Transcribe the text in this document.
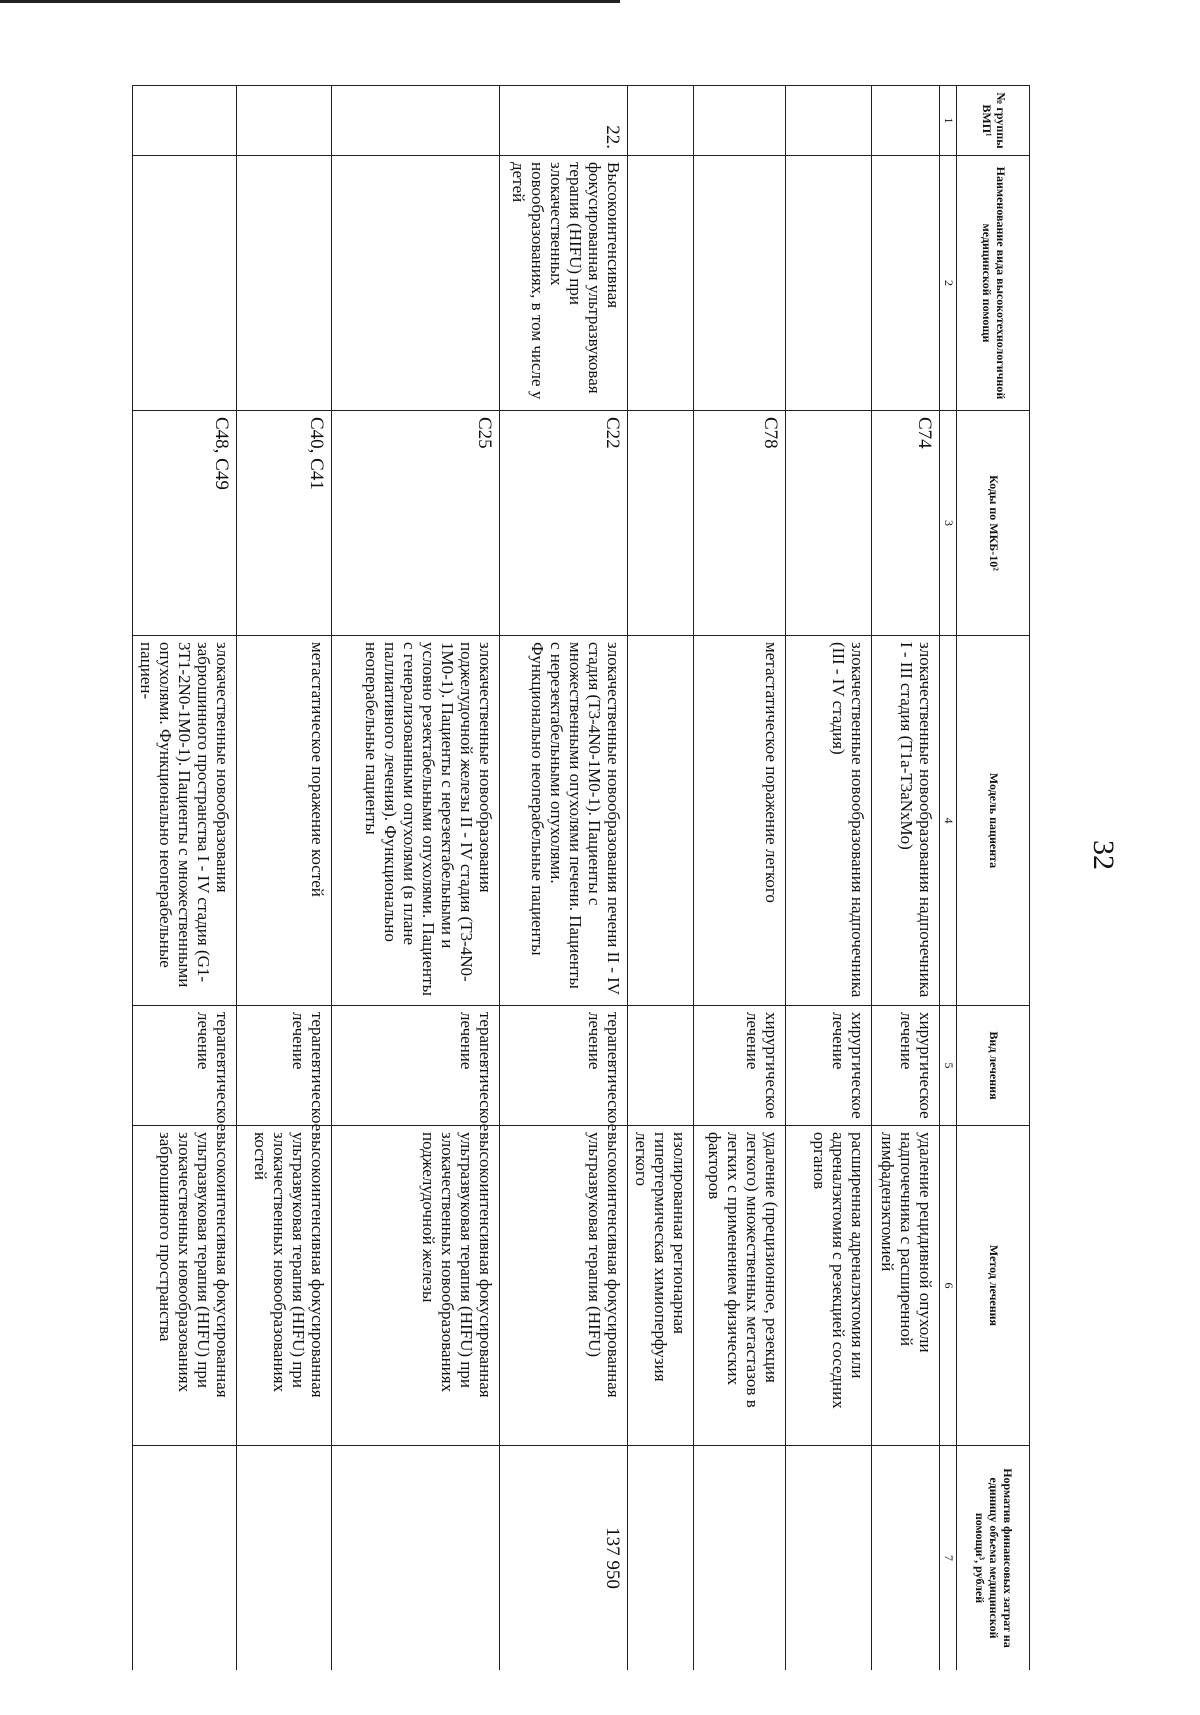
32
№ группы ВМП¹	Наименование вида высокотехнологичной медицинской помощи	Коды по МКБ-10²	Модель пациента	Вид лечения	Метод лечения	Норматив финансовых затрат на единицу объема медицинской помощи³, рублей
1	2	3	4	5	6	7
		C74	злокачественные новообразования надпочечника I - III стадия (T1a-T3aNxMo)	хирургическое лечение	удаление рецидивной опухоли надпочечника с расширенной лимфаденэктомией	
			злокачественные новообразования надпочечника (III - IV стадия)	хирургическое лечение	расширенная адреналэктомия или адреналэктомия с резекцией соседних органов	
		C78	метастатическое поражение легкого	хирургическое лечение	удаление (прецизионное, резекция легкого) множественных метастазов в легких с применением физических факторов	
					изолированная регионарная гипертермическая химиоперфузия легкого	
22.	Высокоинтенсивная фокусированная ультразвуковая терапия (HIFU) при злокачественных новообразованиях, в том числе у детей	C22	злокачественные новообразования печени II - IV стадия (T3-4N0-1M0-1). Пациенты с множественными опухолями печени. Пациенты с нерезектабельными опухолями. Функционально неоперабельные пациенты	терапевтическое лечение	высокоинтенсивная фокусированная ультразвуковая терапия (HIFU)	137 950
		C25	злокачественные новообразования поджелудочной железы II - IV стадия (T3-4N0-1M0-1). Пациенты с нерезектабельными и условно резектабельными опухолями. Пациенты с генерализованными опухолями (в плане паллиативного лечения). Функционально неоперабельные пациенты	терапевтическое лечение	высокоинтенсивная фокусированная ультразвуковая терапия (HIFU) при злокачественных новообразованиях поджелудочной железы	
		C40, C41	метастатическое поражение костей	терапевтическое лечение	высокоинтенсивная фокусированная ультразвуковая терапия (HIFU) при злокачественных новообразованиях костей	
		C48, C49	злокачественные новообразования забрюшинного пространства I - IV стадия (G1-3T1-2N0-1M0-1). Пациенты с множественными опухолями. Функционально неоперабельные пациен-	терапевтическое лечение	высокоинтенсивная фокусированная ультразвуковая терапия (HIFU) при злокачественных новообразованиях забрюшинного пространства	
